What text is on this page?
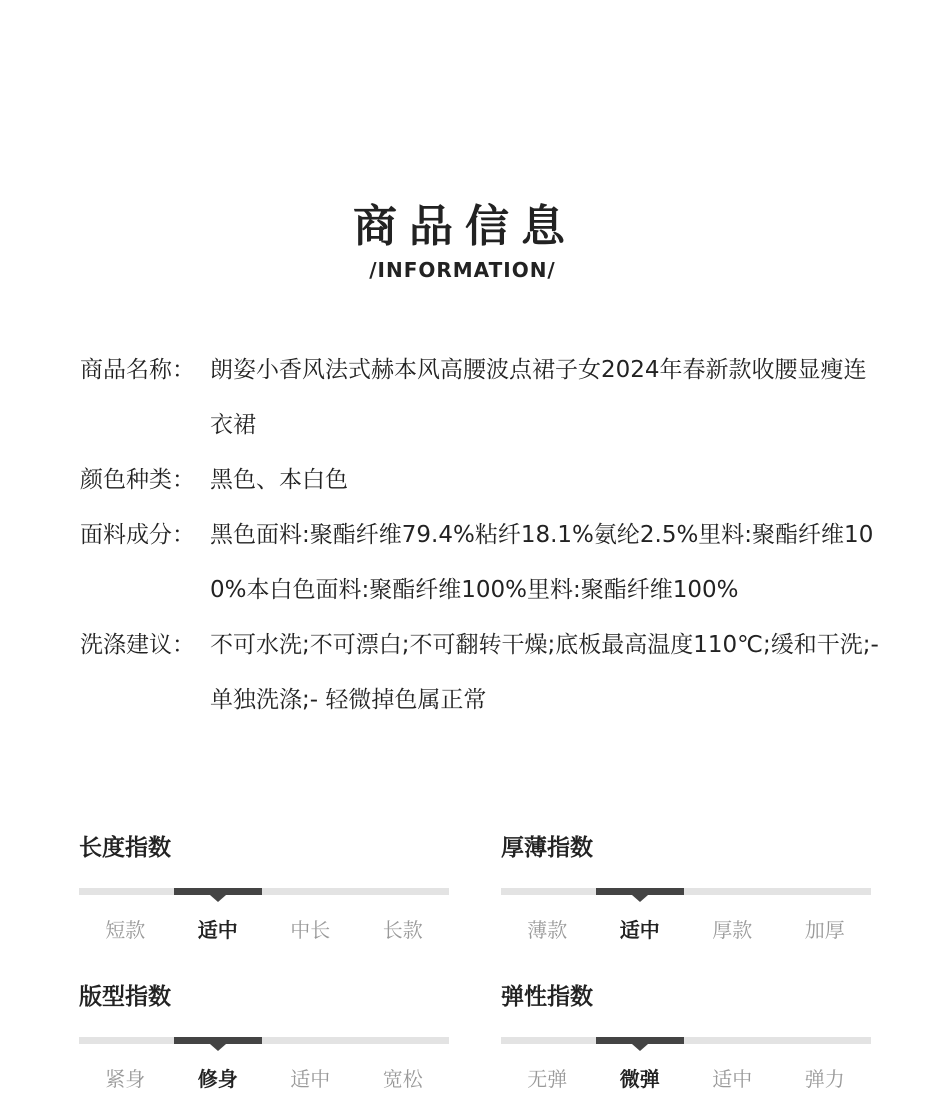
商品信息
/INFORMATION/
商品名称： 朗姿小香风法式赫本风高腰波点裙子女2024年春新款收腰显瘦连衣裙
颜色种类： 黑色、本白色
面料成分： 黑色面料:聚酯纤维79.4%粘纤18.1%氨纶2.5%里料:聚酯纤维100%本白色面料:聚酯纤维100%里料:聚酯纤维100%
洗涤建议： 不可水洗;不可漂白;不可翻转干燥;底板最高温度110℃;缓和干洗;- 单独洗涤;- 轻微掉色属正常
长度指数
短款	适中	中长	长款
厚薄指数
薄款	适中	厚款	加厚
版型指数
紧身	修身	适中	宽松
弹性指数
无弹	微弹	适中	弹力
